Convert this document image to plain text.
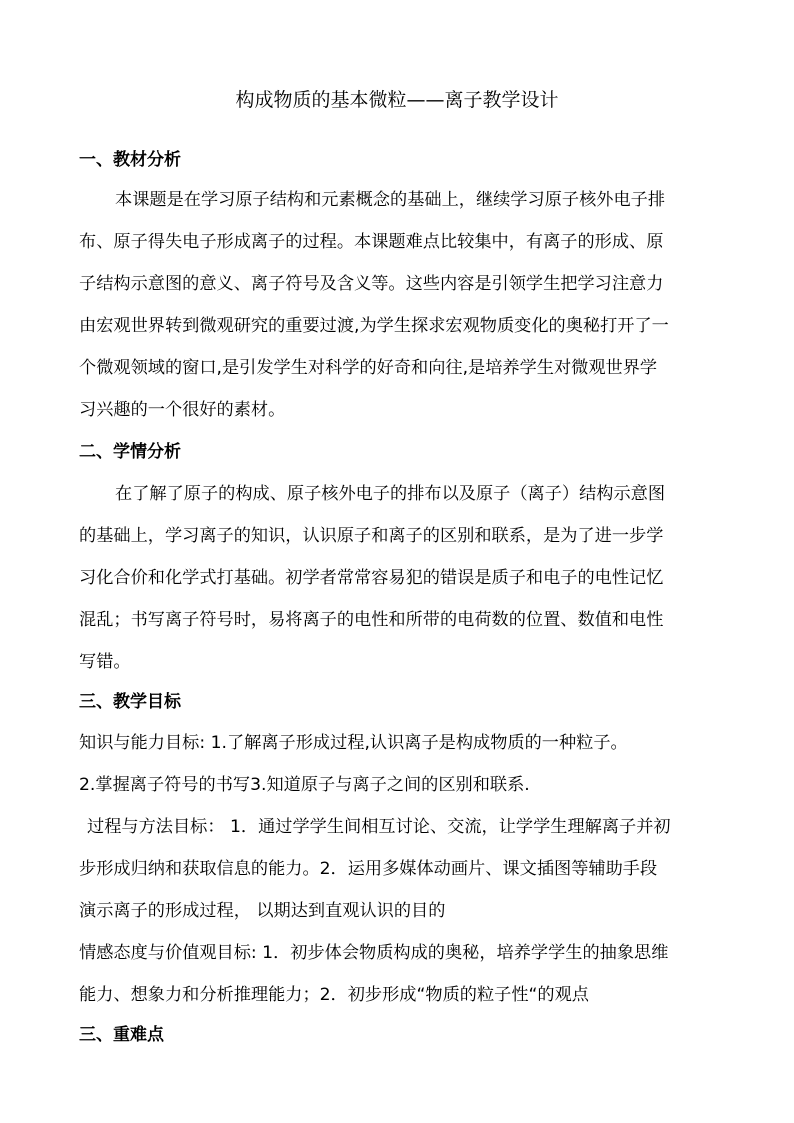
构成物质的基本微粒——离子教学设计
一、教材分析
本课题是在学习原子结构和元素概念的基础上，继续学习原子核外电子排
布、原子得失电子形成离子的过程。本课题难点比较集中，有离子的形成、原
子结构示意图的意义、离子符号及含义等。这些内容是引领学生把学习注意力
由宏观世界转到微观研究的重要过渡,为学生探求宏观物质变化的奥秘打开了一
个微观领域的窗口,是引发学生对科学的好奇和向往,是培养学生对微观世界学
习兴趣的一个很好的素材。
二、学情分析
在了解了原子的构成、原子核外电子的排布以及原子（离子）结构示意图
的基础上，学习离子的知识，认识原子和离子的区别和联系，是为了进一步学
习化合价和化学式打基础。初学者常常容易犯的错误是质子和电子的电性记忆
混乱；书写离子符号时，易将离子的电性和所带的电荷数的位置、数值和电性
写错。
三、教学目标
知识与能力目标: 1.了解离子形成过程,认识离子是构成物质的一种粒子。
2.掌握离子符号的书写3.知道原子与离子之间的区别和联系.
过程与方法目标： 1．通过学学生间相互讨论、交流，让学学生理解离子并初
步形成归纳和获取信息的能力。2．运用多媒体动画片、课文插图等辅助手段
演示离子的形成过程， 以期达到直观认识的目的
情感态度与价值观目标: 1．初步体会物质构成的奥秘，培养学学生的抽象思维
能力、想象力和分析推理能力；2．初步形成“物质的粒子性“的观点
三、重难点
